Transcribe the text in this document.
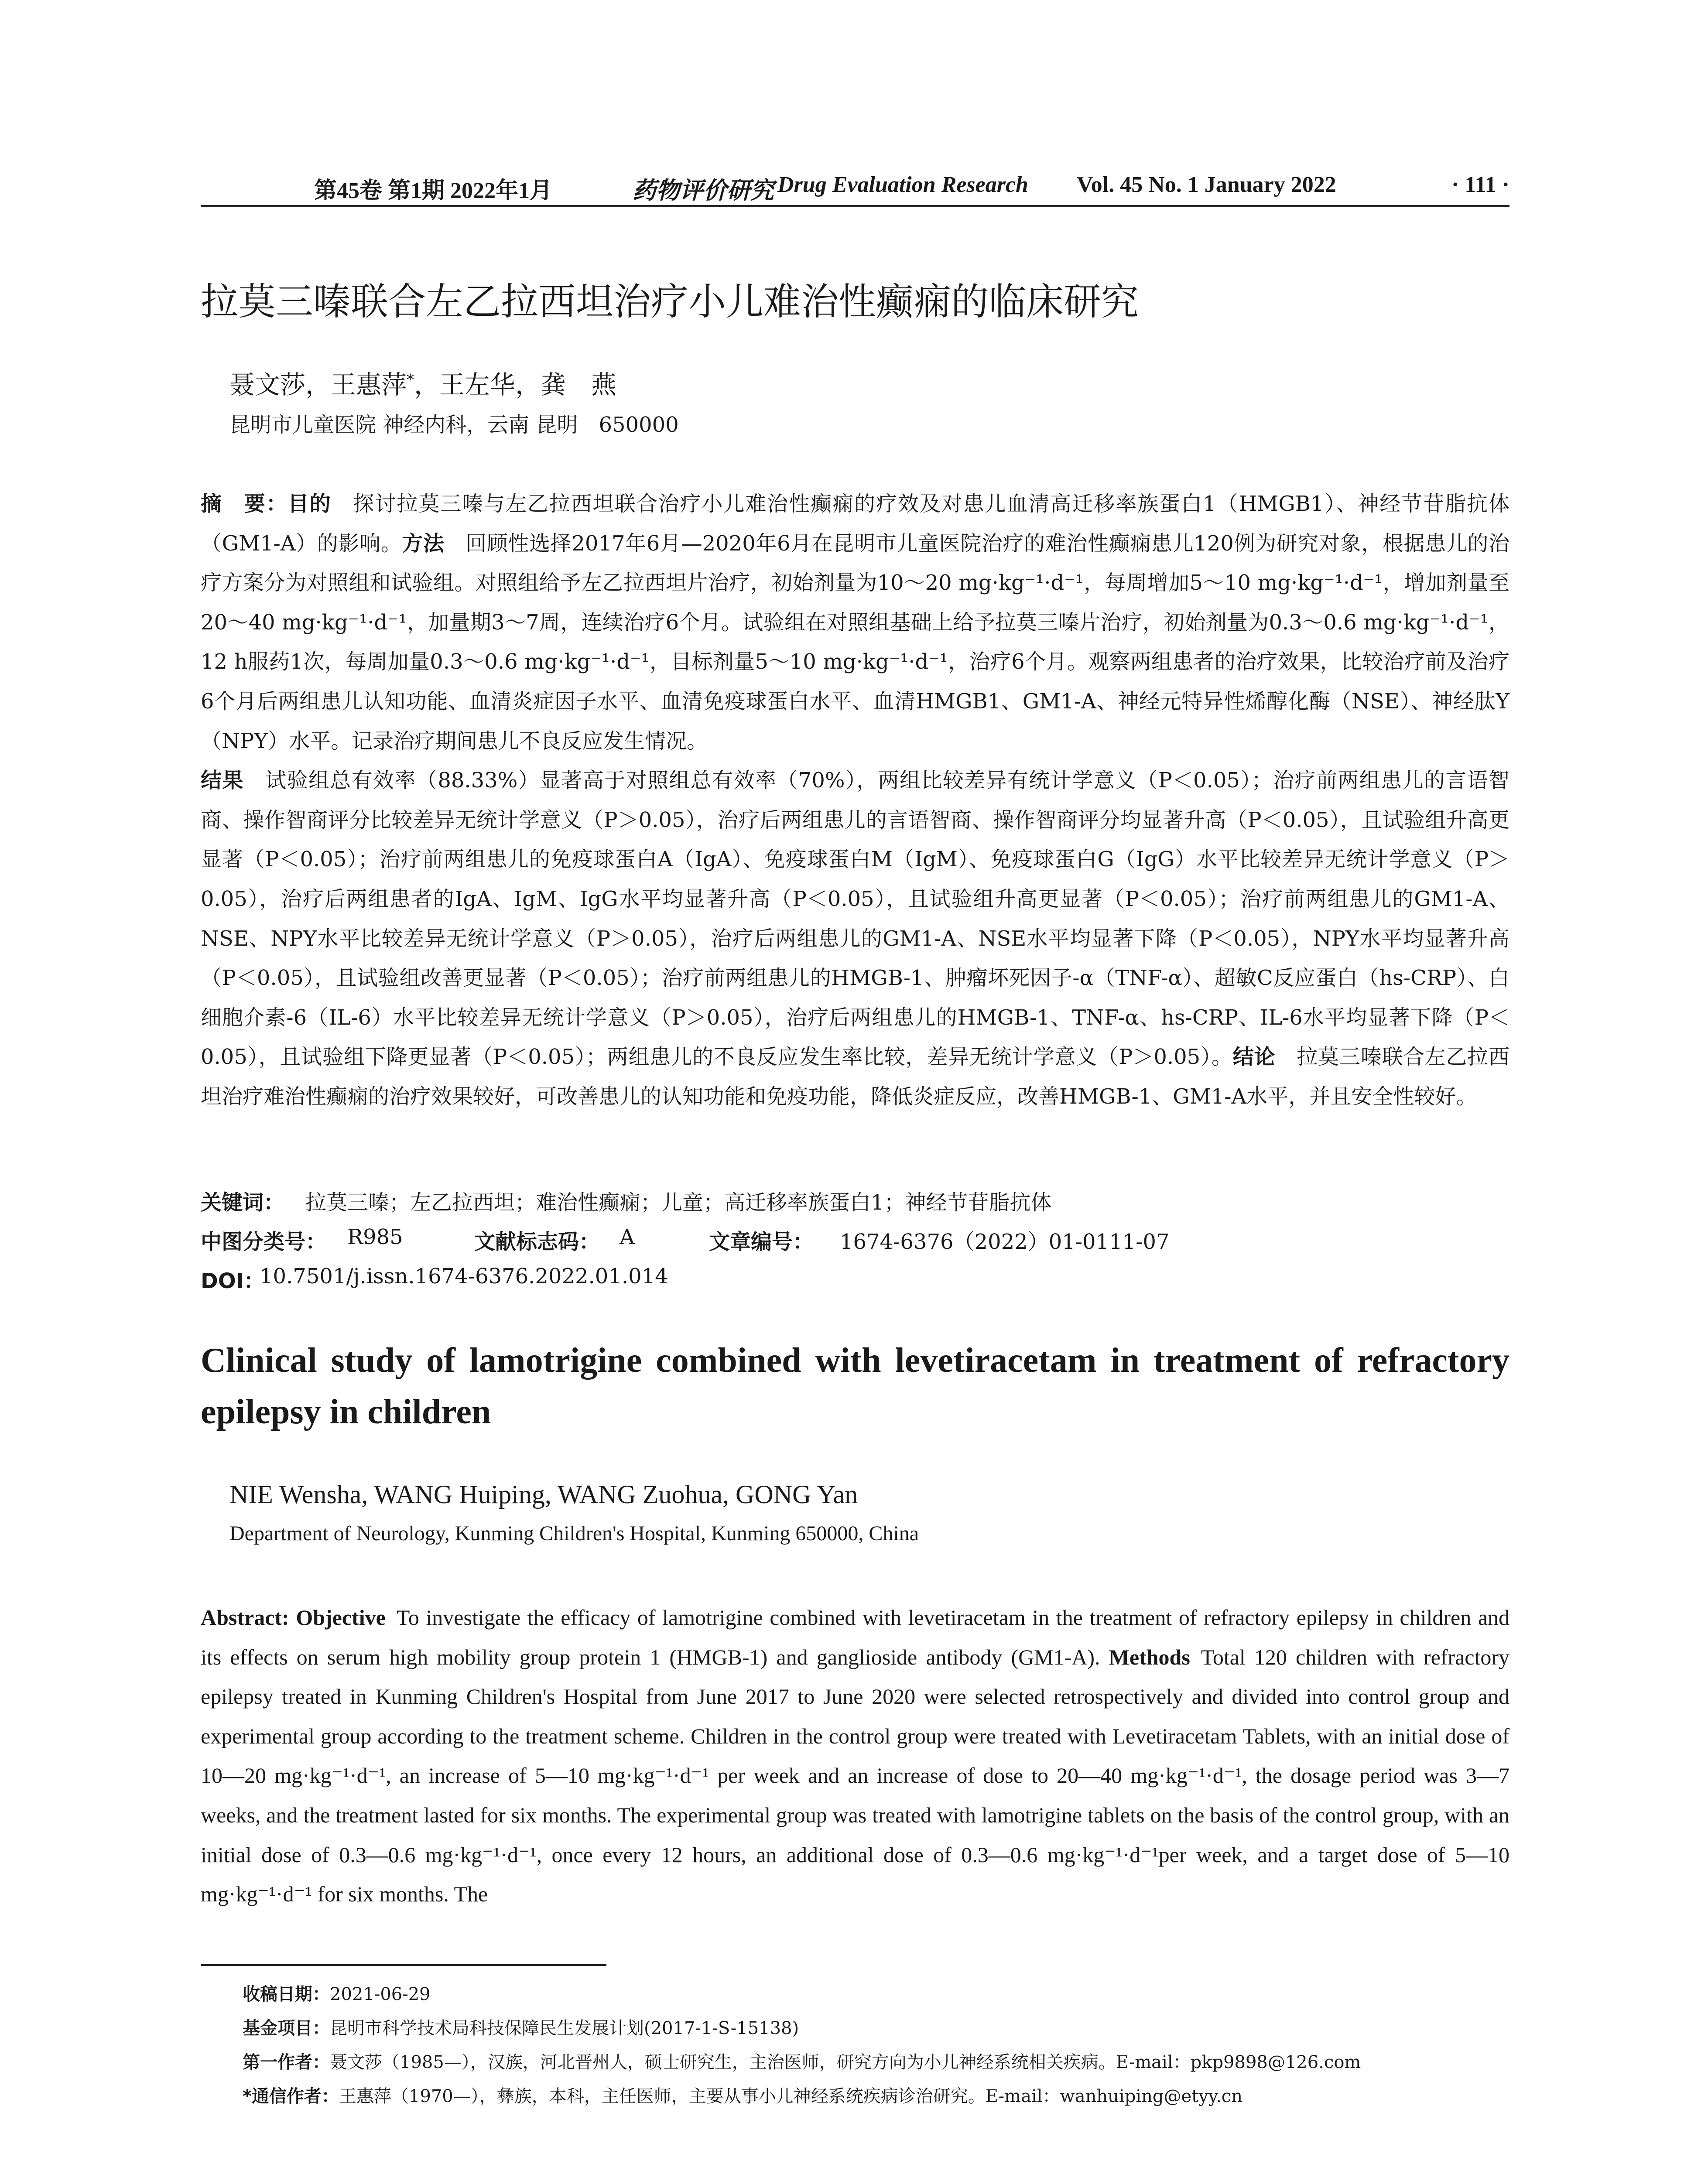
第45卷 第1期 2022年1月	药物评价研究 Drug Evaluation Research Vol. 45 No. 1 January 2022	· 111 ·
拉莫三嗪联合左乙拉西坦治疗小儿难治性癫痫的临床研究
聂文莎，王惠萍*，王左华，龚　燕
昆明市儿童医院 神经内科，云南 昆明　650000
摘　要：目的  探讨拉莫三嗪与左乙拉西坦联合治疗小儿难治性癫痫的疗效及对患儿血清高迁移率族蛋白1（HMGB1）、神经节苷脂抗体（GM1-A）的影响。方法  回顾性选择2017年6月—2020年6月在昆明市儿童医院治疗的难治性癫痫患儿120例为研究对象，根据患儿的治疗方案分为对照组和试验组。对照组给予左乙拉西坦片治疗，初始剂量为10～20 mg·kg⁻¹·d⁻¹，每周增加5～10 mg·kg⁻¹·d⁻¹，增加剂量至20～40 mg·kg⁻¹·d⁻¹，加量期3～7周，连续治疗6个月。试验组在对照组基础上给予拉莫三嗪片治疗，初始剂量为0.3～0.6 mg·kg⁻¹·d⁻¹，12 h服药1次，每周加量0.3～0.6 mg·kg⁻¹·d⁻¹，目标剂量5～10 mg·kg⁻¹·d⁻¹，治疗6个月。观察两组患者的治疗效果，比较治疗前及治疗6个月后两组患儿认知功能、血清炎症因子水平、血清免疫球蛋白水平、血清HMGB1、GM1-A、神经元特异性烯醇化酶（NSE）、神经肽Y（NPY）水平。记录治疗期间患儿不良反应发生情况。
结果  试验组总有效率（88.33%）显著高于对照组总有效率（70%），两组比较差异有统计学意义（P＜0.05）；治疗前两组患儿的言语智商、操作智商评分比较差异无统计学意义（P＞0.05），治疗后两组患儿的言语智商、操作智商评分均显著升高（P＜0.05），且试验组升高更显著（P＜0.05）；治疗前两组患儿的免疫球蛋白A（IgA）、免疫球蛋白M（IgM）、免疫球蛋白G（IgG）水平比较差异无统计学意义（P＞0.05），治疗后两组患者的IgA、IgM、IgG水平均显著升高（P＜0.05），且试验组升高更显著（P＜0.05）；治疗前两组患儿的GM1-A、NSE、NPY水平比较差异无统计学意义（P＞0.05），治疗后两组患儿的GM1-A、NSE水平均显著下降（P＜0.05），NPY水平均显著升高（P＜0.05），且试验组改善更显著（P＜0.05）；治疗前两组患儿的HMGB-1、肿瘤坏死因子-α（TNF-α）、超敏C反应蛋白（hs-CRP）、白细胞介素-6（IL-6）水平比较差异无统计学意义（P＞0.05），治疗后两组患儿的HMGB-1、TNF-α、hs-CRP、IL-6水平均显著下降（P＜0.05），且试验组下降更显著（P＜0.05）；两组患儿的不良反应发生率比较，差异无统计学意义（P＞0.05）。结论  拉莫三嗪联合左乙拉西坦治疗难治性癫痫的治疗效果较好，可改善患儿的认知功能和免疫功能，降低炎症反应，改善HMGB-1、GM1-A水平，并且安全性较好。
关键词： 拉莫三嗪；左乙拉西坦；难治性癫痫；儿童；高迁移率族蛋白1；神经节苷脂抗体
中图分类号： R985	文献标志码： A	文章编号： 1674-6376（2022）01-0111-07
DOI：
10.7501/j.issn.1674-6376.2022.01.014
Clinical study of lamotrigine combined with levetiracetam in treatment of refractory epilepsy in children
NIE Wensha, WANG Huiping, WANG Zuohua, GONG Yan
Department of Neurology, Kunming Children's Hospital, Kunming 650000, China
Abstract: Objective  To investigate the efficacy of lamotrigine combined with levetiracetam in the treatment of refractory epilepsy in children and its effects on serum high mobility group protein 1 (HMGB-1) and ganglioside antibody (GM1-A). Methods  Total 120 children with refractory epilepsy treated in Kunming Children's Hospital from June 2017 to June 2020 were selected retrospectively and divided into control group and experimental group according to the treatment scheme. Children in the control group were treated with Levetiracetam Tablets, with an initial dose of 10—20 mg·kg⁻¹·d⁻¹, an increase of 5—10 mg·kg⁻¹·d⁻¹ per week and an increase of dose to 20—40 mg·kg⁻¹·d⁻¹, the dosage period was 3—7 weeks, and the treatment lasted for six months. The experimental group was treated with lamotrigine tablets on the basis of the control group, with an initial dose of 0.3—0.6 mg·kg⁻¹·d⁻¹, once every 12 hours, an additional dose of 0.3—0.6 mg·kg⁻¹·d⁻¹per week, and a target dose of 5—10 mg·kg⁻¹·d⁻¹ for six months. The
收稿日期：2021-06-29
基金项目：昆明市科学技术局科技保障民生发展计划(2017-1-S-15138)
第一作者：聂文莎（1985—），汉族，河北晋州人，硕士研究生，主治医师，研究方向为小儿神经系统相关疾病。E-mail：pkp9898@126.com
*通信作者：王惠萍（1970—），彝族，本科，主任医师，主要从事小儿神经系统疾病诊治研究。E-mail：wanhuiping@etyy.cn
